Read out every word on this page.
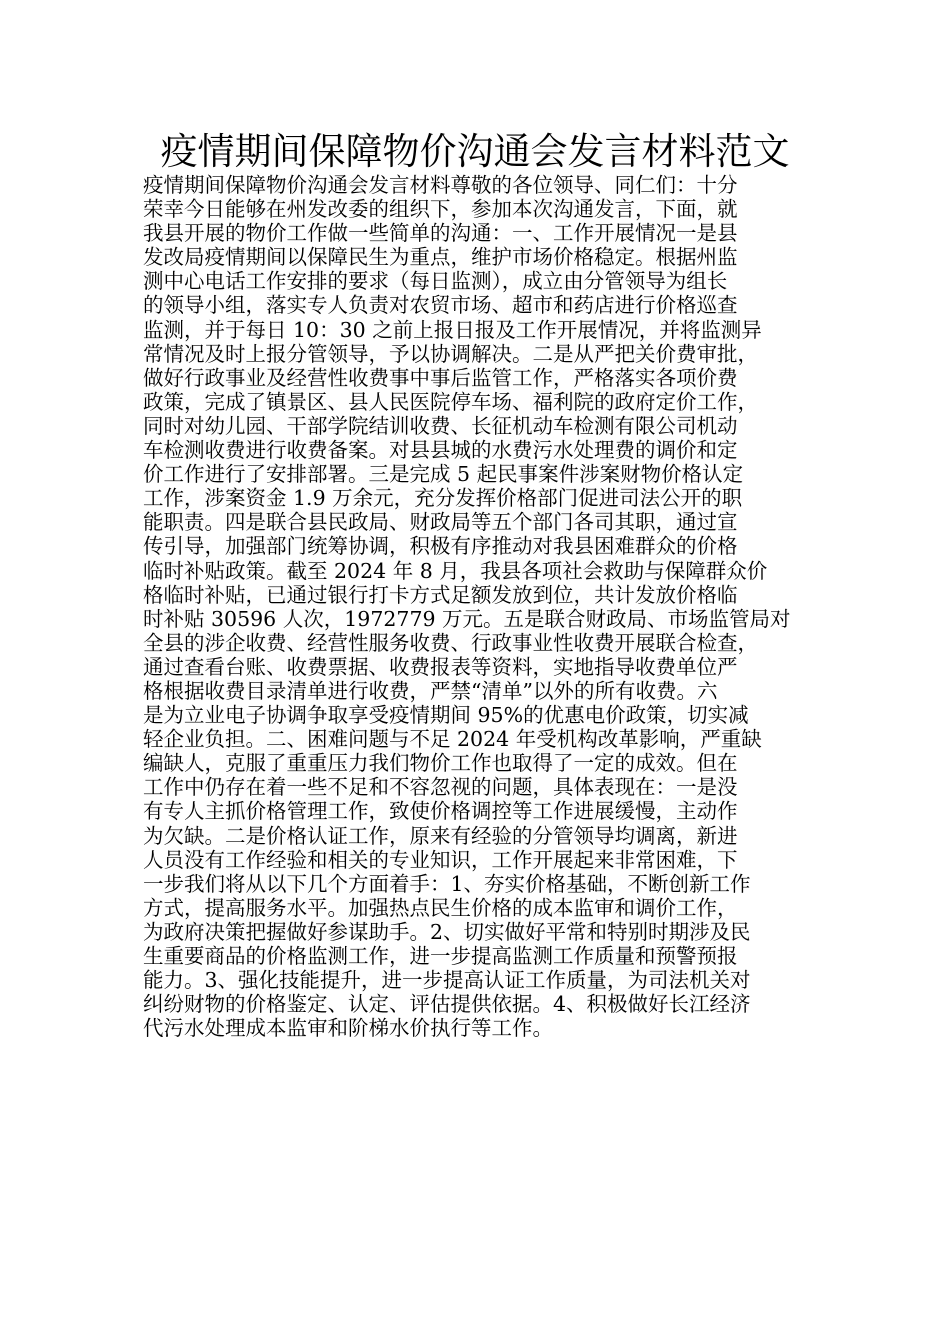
疫情期间保障物价沟通会发言材料范文
疫情期间保障物价沟通会发言材料尊敬的各位领导、同仁们：十分
荣幸今日能够在州发改委的组织下，参加本次沟通发言，下面，就
我县开展的物价工作做一些简单的沟通：一、工作开展情况一是县
发改局疫情期间以保障民生为重点，维护市场价格稳定。根据州监
测中心电话工作安排的要求（每日监测），成立由分管领导为组长
的领导小组，落实专人负责对农贸市场、超市和药店进行价格巡查
监测，并于每日 10：30 之前上报日报及工作开展情况，并将监测异
常情况及时上报分管领导，予以协调解决。二是从严把关价费审批，
做好行政事业及经营性收费事中事后监管工作，严格落实各项价费
政策，完成了镇景区、县人民医院停车场、福利院的政府定价工作，
同时对幼儿园、干部学院结训收费、长征机动车检测有限公司机动
车检测收费进行收费备案。对县县城的水费污水处理费的调价和定
价工作进行了安排部署。三是完成 5 起民事案件涉案财物价格认定
工作，涉案资金 1.9 万余元，充分发挥价格部门促进司法公开的职
能职责。四是联合县民政局、财政局等五个部门各司其职，通过宣
传引导，加强部门统筹协调，积极有序推动对我县困难群众的价格
临时补贴政策。截至 2024 年 8 月，我县各项社会救助与保障群众价
格临时补贴，已通过银行打卡方式足额发放到位，共计发放价格临
时补贴 30596 人次，1972779 万元。五是联合财政局、市场监管局对
全县的涉企收费、经营性服务收费、行政事业性收费开展联合检查，
通过查看台账、收费票据、收费报表等资料，实地指导收费单位严
格根据收费目录清单进行收费，严禁“清单”以外的所有收费。六
是为立业电子协调争取享受疫情期间 95%的优惠电价政策，切实减
轻企业负担。二、困难问题与不足 2024 年受机构改革影响，严重缺
编缺人，克服了重重压力我们物价工作也取得了一定的成效。但在
工作中仍存在着一些不足和不容忽视的问题，具体表现在：一是没
有专人主抓价格管理工作，致使价格调控等工作进展缓慢，主动作
为欠缺。二是价格认证工作，原来有经验的分管领导均调离，新进
人员没有工作经验和相关的专业知识，工作开展起来非常困难，下
一步我们将从以下几个方面着手：1、夯实价格基础，不断创新工作
方式，提高服务水平。加强热点民生价格的成本监审和调价工作，
为政府决策把握做好参谋助手。2、切实做好平常和特别时期涉及民
生重要商品的价格监测工作，进一步提高监测工作质量和预警预报
能力。3、强化技能提升，进一步提高认证工作质量，为司法机关对
纠纷财物的价格鉴定、认定、评估提供依据。4、积极做好长江经济
代污水处理成本监审和阶梯水价执行等工作。
